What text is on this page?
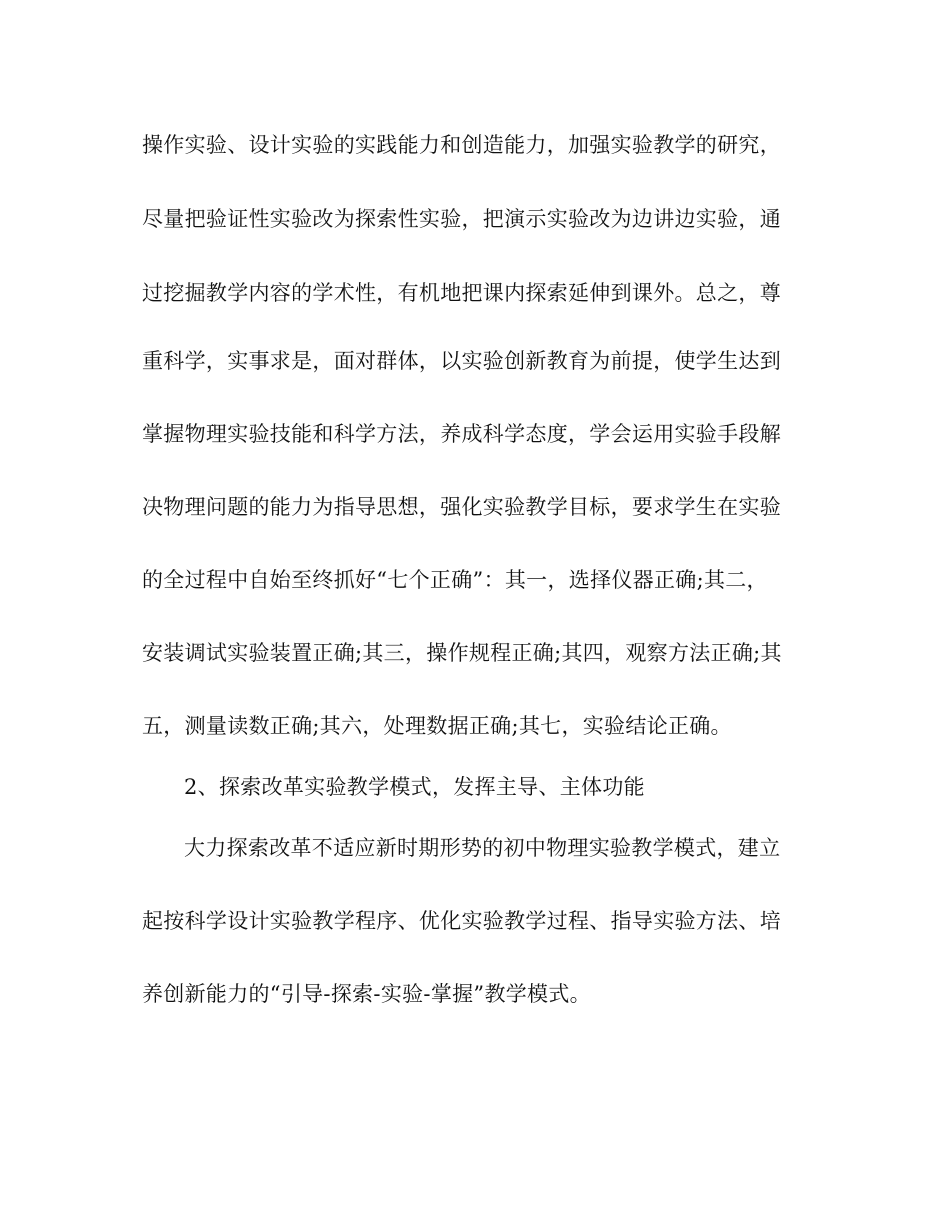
操作实验、设计实验的实践能力和创造能力，加强实验教学的研究，
尽量把验证性实验改为探索性实验，把演示实验改为边讲边实验，通
过挖掘教学内容的学术性，有机地把课内探索延伸到课外。总之，尊
重科学，实事求是，面对群体，以实验创新教育为前提，使学生达到
掌握物理实验技能和科学方法，养成科学态度，学会运用实验手段解
决物理问题的能力为指导思想，强化实验教学目标，要求学生在实验
的全过程中自始至终抓好“七个正确”：其一，选择仪器正确;其二，
安装调试实验装置正确;其三，操作规程正确;其四，观察方法正确;其
五，测量读数正确;其六，处理数据正确;其七，实验结论正确。
2、探索改革实验教学模式，发挥主导、主体功能
大力探索改革不适应新时期形势的初中物理实验教学模式，建立
起按科学设计实验教学程序、优化实验教学过程、指导实验方法、培
养创新能力的“引导-探索-实验-掌握”教学模式。
